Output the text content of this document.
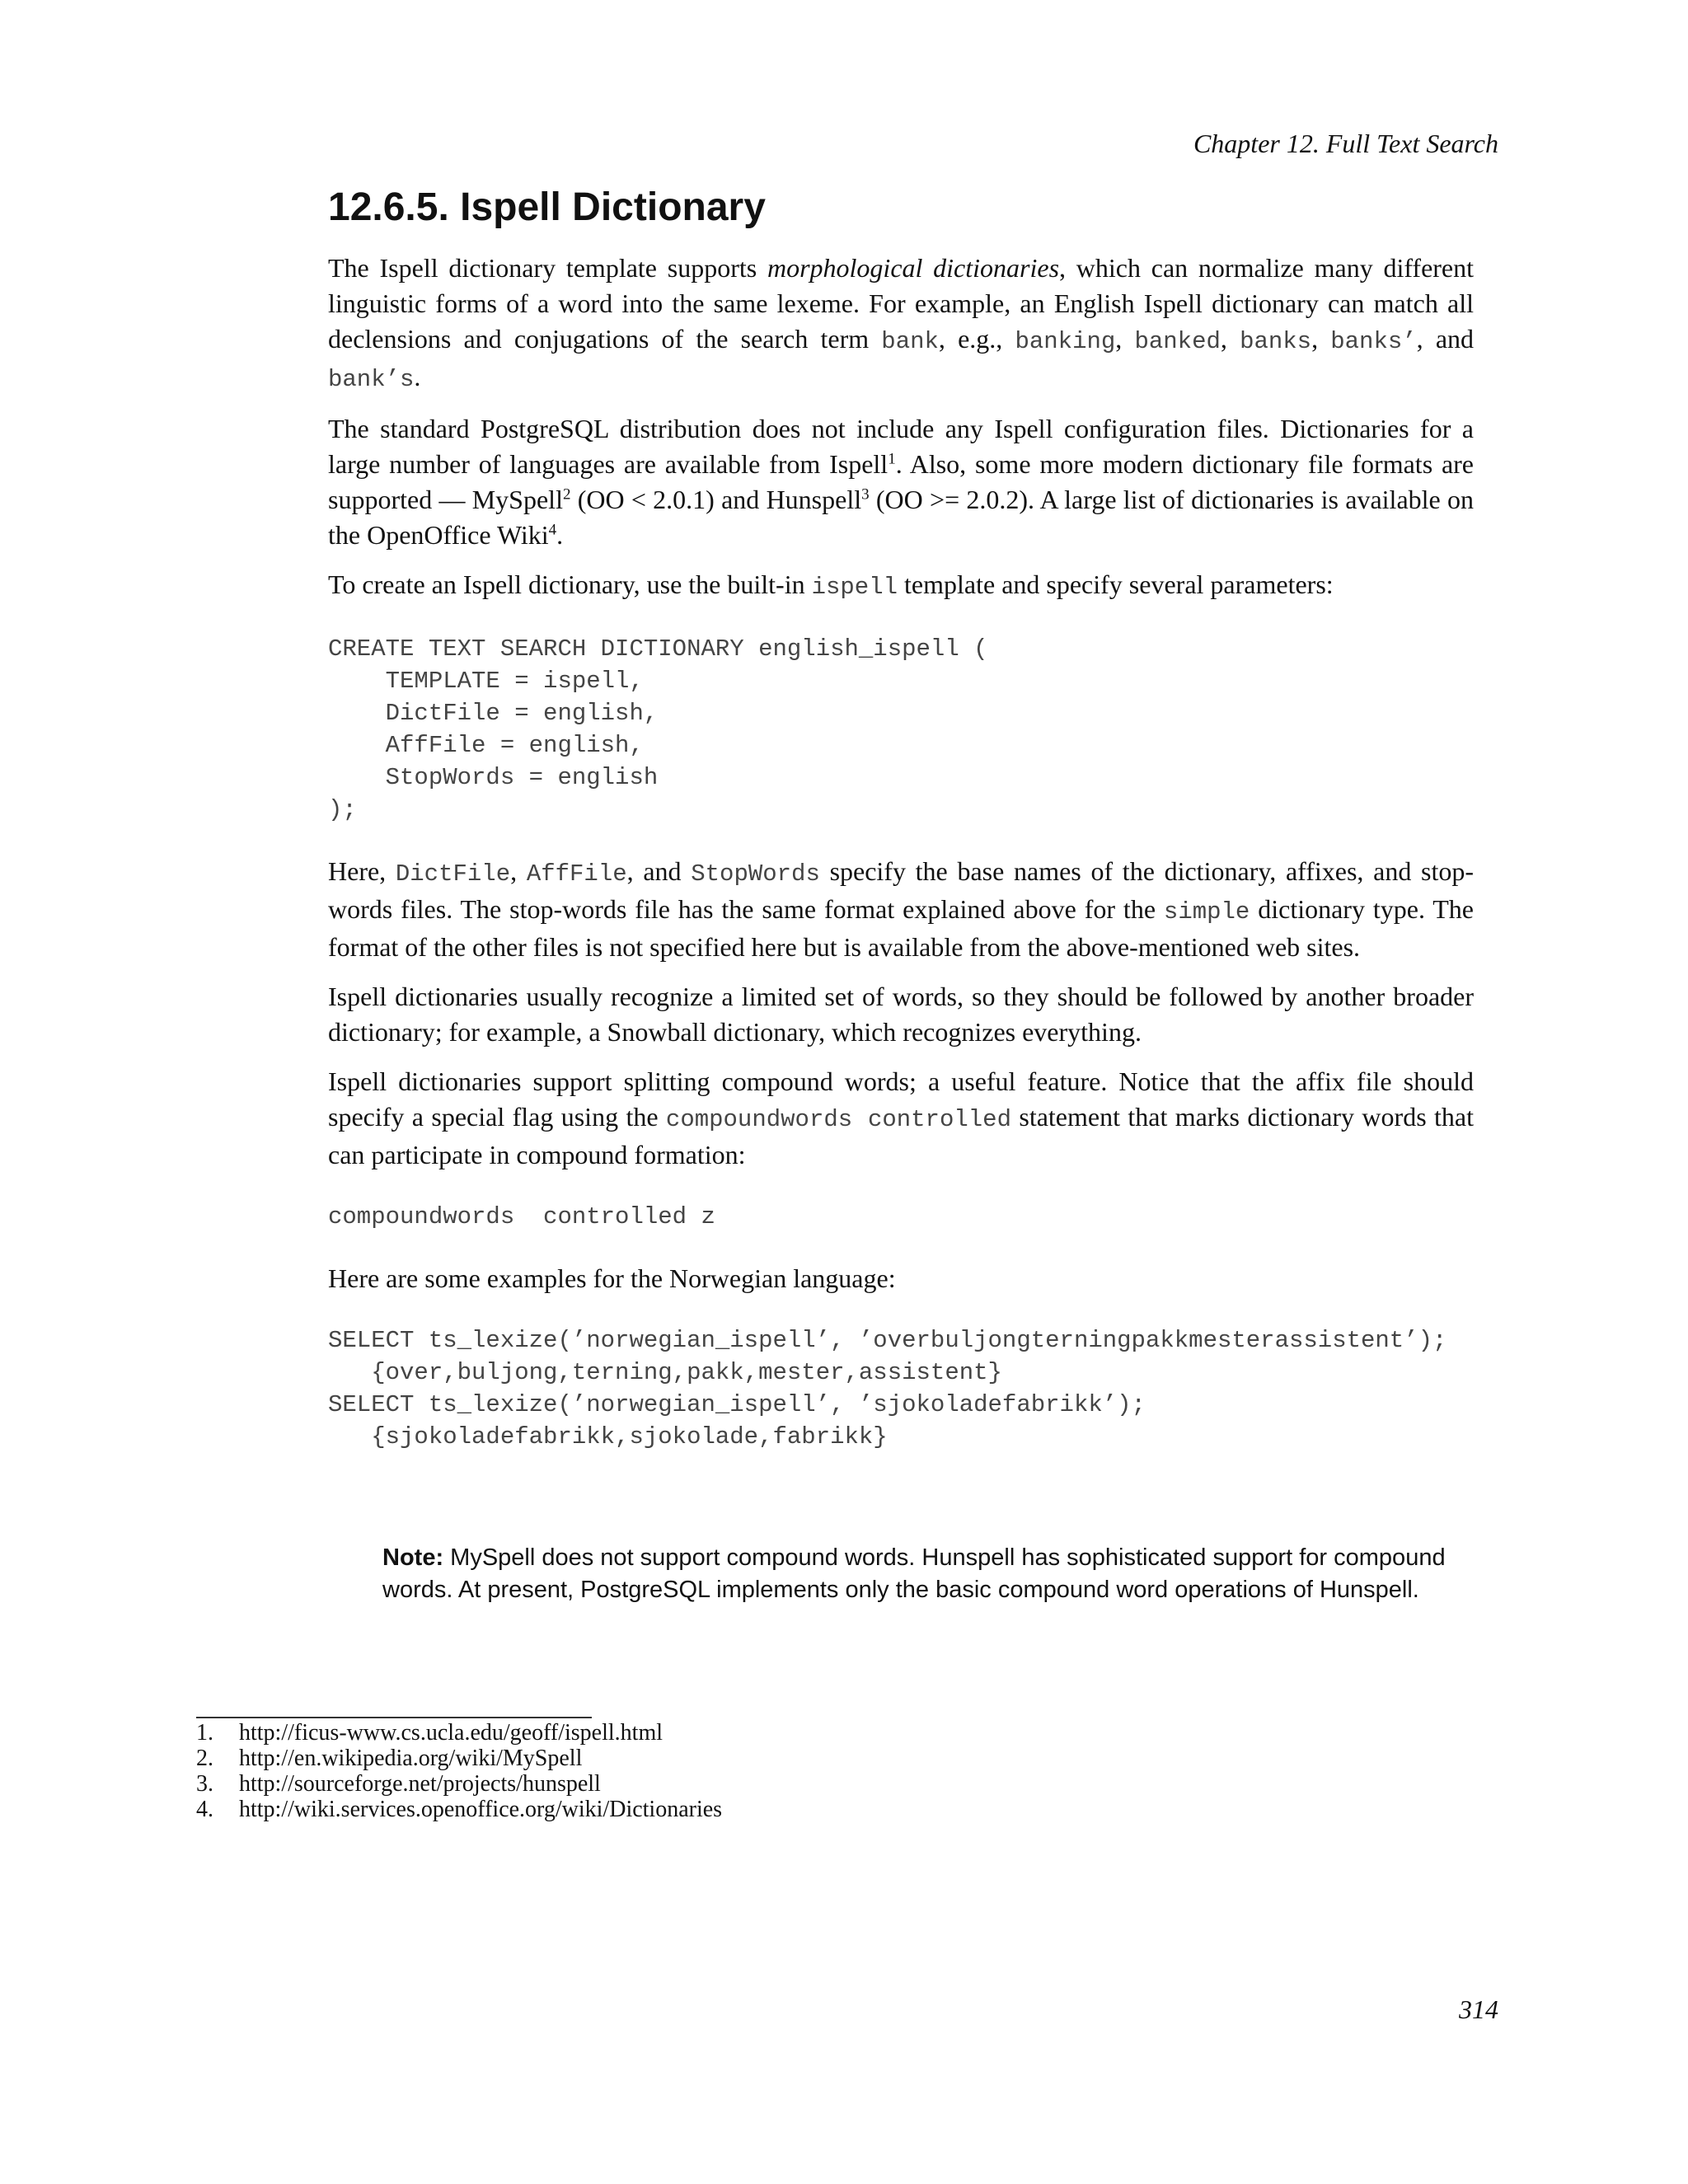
Chapter 12. Full Text Search
12.6.5. Ispell Dictionary

The Ispell dictionary template supports morphological dictionaries, which can normalize many different linguistic forms of a word into the same lexeme. For example, an English Ispell dictionary can match all declensions and conjugations of the search term bank, e.g., banking, banked, banks, banks’, and bank’s.

The standard PostgreSQL distribution does not include any Ispell configuration files. Dictionaries for a large number of languages are available from Ispell$^1$. Also, some more modern dictionary file formats are supported — MySpell$^2$ (OO < 2.0.1) and Hunspell$^3$ (OO >= 2.0.2). A large list of dictionaries is available on the OpenOffice Wiki$^4$.

To create an Ispell dictionary, use the built-in ispell template and specify several parameters:

CREATE TEXT SEARCH DICTIONARY english_ispell (
TEMPLATE = ispell,
DictFile = english,
AffFile = english,
StopWords = english
);

Here, DictFile, AffFile, and StopWords specify the base names of the dictionary, affixes, and stop-words files. The stop-words file has the same format explained above for the simple dictionary type. The format of the other files is not specified here but is available from the above-mentioned web sites.

Ispell dictionaries usually recognize a limited set of words, so they should be followed by another broader dictionary; for example, a Snowball dictionary, which recognizes everything.

Ispell dictionaries support splitting compound words; a useful feature. Notice that the affix file should specify a special flag using the compoundwords controlled statement that marks dictionary words that can participate in compound formation:

compoundwords  controlled z

Here are some examples for the Norwegian language:

SELECT ts_lexize(’norwegian_ispell’, ’overbuljongterningpakkmesterassistent’);
{over,buljong,terning,pakk,mester,assistent}
SELECT ts_lexize(’norwegian_ispell’, ’sjokoladefabrikk’);
{sjokoladefabrikk,sjokolade,fabrikk}
Note: MySpell does not support compound words. Hunspell has sophisticated support for compound words. At present, PostgreSQL implements only the basic compound word operations of Hunspell.
1.	http://ficus-www.cs.ucla.edu/geoff/ispell.html
2.	http://en.wikipedia.org/wiki/MySpell
3.	http://sourceforge.net/projects/hunspell
4.	http://wiki.services.openoffice.org/wiki/Dictionaries
314
